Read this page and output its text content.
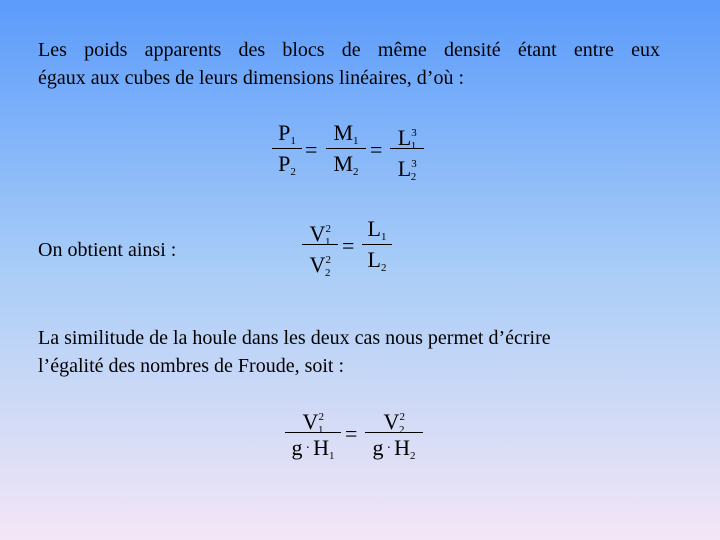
Les poids apparents des blocs de même densité étant entre eux
égaux aux cubes de leurs dimensions linéaires, d’où :
$P_1$
$P_2$
=
$M_1$
$M_2$
= $L^3_1$
$L^3_2$
On obtient ainsi :
$V^2_1$
$V^2_2$
=
$L_1$
$L_2$
La similitude de la houle dans les deux cas nous permet d’écrire
l’égalité des nombres de Froude, soit :
$V^2_1$
$g \cdot H_1$
=	$V^2_2$
$g \cdot H_2$
